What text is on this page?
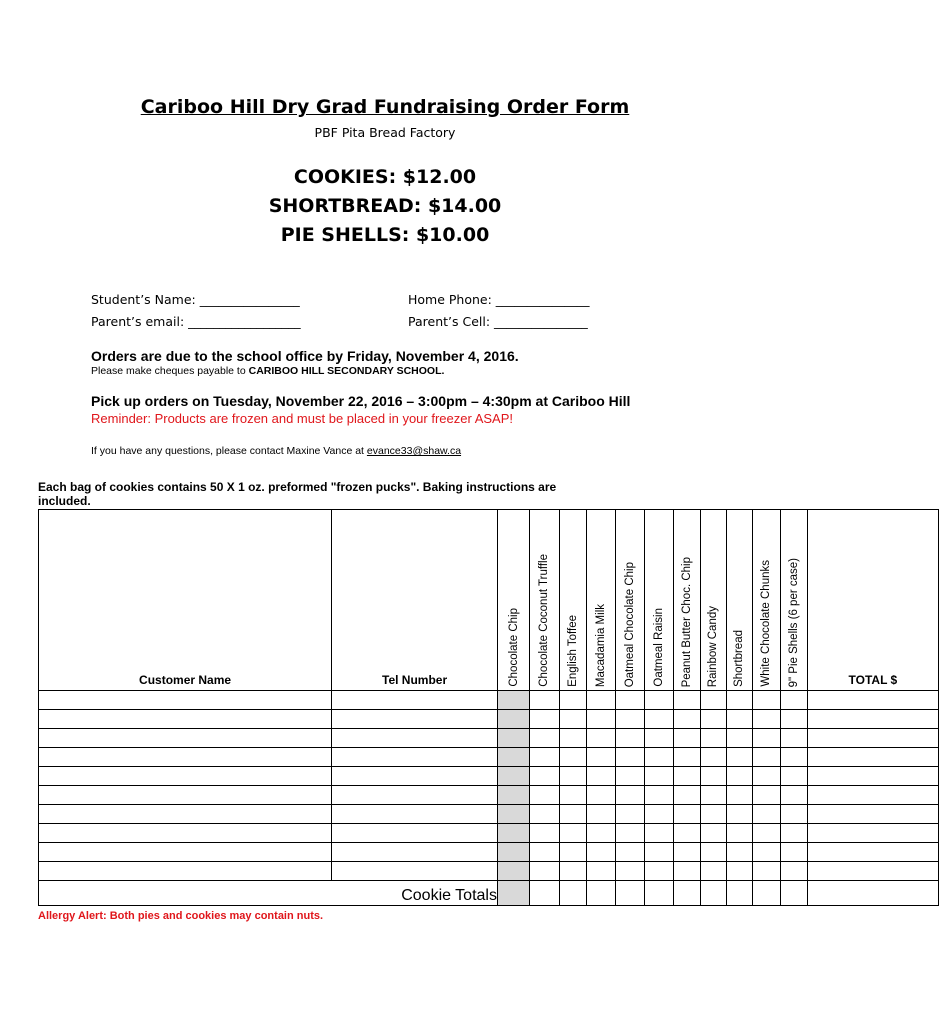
Cariboo Hill Dry Grad Fundraising Order Form
PBF Pita Bread Factory
COOKIES: $12.00
SHORTBREAD: $14.00
PIE SHELLS: $10.00
Student’s Name: ________________
Parent’s email: __________________
Home Phone: _______________
Parent’s Cell: _______________
Orders are due to the school office by Friday, November 4, 2016.
Please make cheques payable to CARIBOO HILL SECONDARY SCHOOL.
Pick up orders on Tuesday, November 22, 2016 – 3:00pm – 4:30pm at Cariboo Hill
Reminder: Products are frozen and must be placed in your freezer ASAP!
If you have any questions, please contact Maxine Vance at evance33@shaw.ca
Each bag of cookies contains 50 X 1 oz. preformed "frozen pucks". Baking instructions are included.
Customer Name	Tel Number	Chocolate Chip	Chocolate Coconut Truffle	English Toffee	Macadamia Milk	Oatmeal Chocolate Chip	Oatmeal Raisin	Peanut Butter Choc. Chip	Rainbow Candy	Shortbread	White Chocolate Chunks	9" Pie Shells (6 per case)	TOTAL $

Cookie Totals													
Allergy Alert: Both pies and cookies may contain nuts.
